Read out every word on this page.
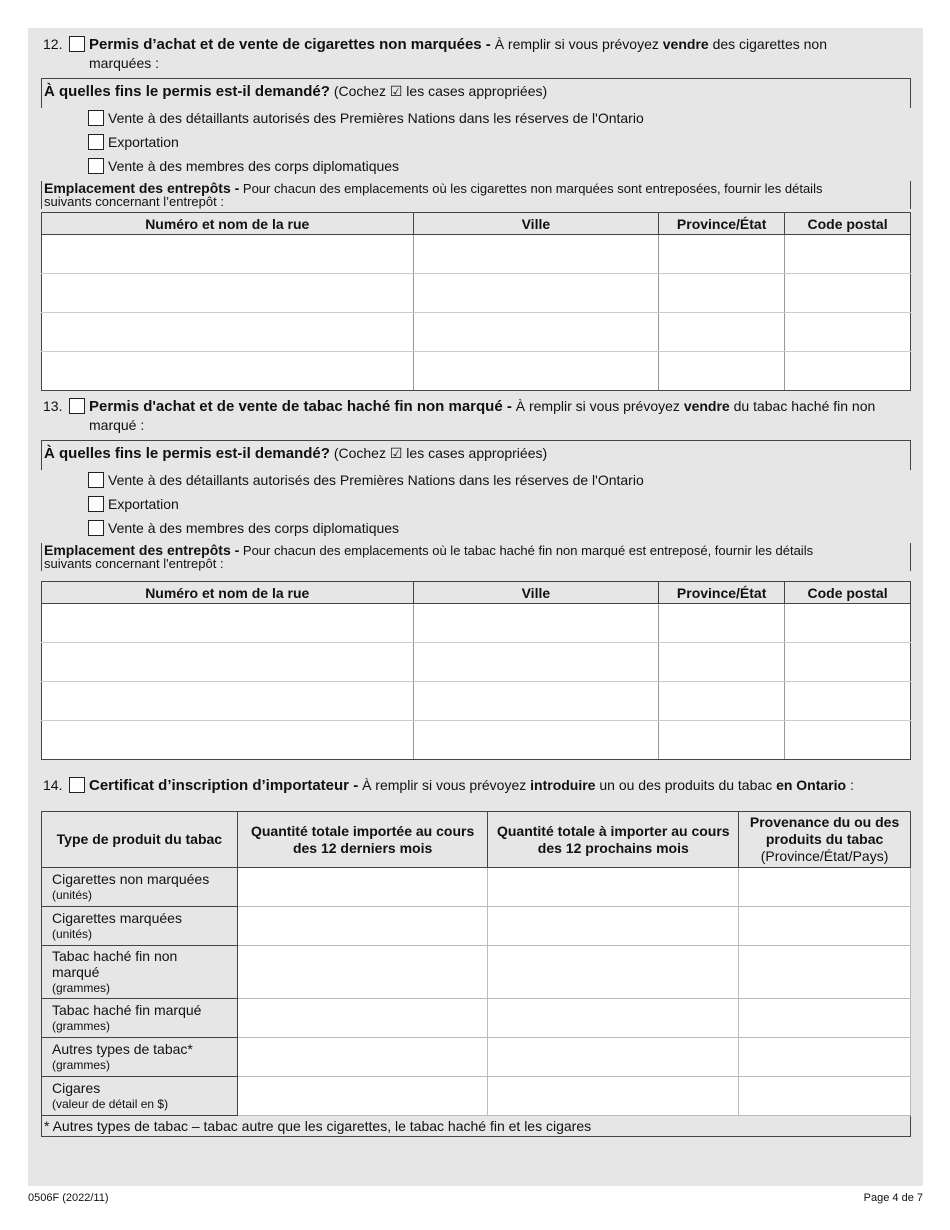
12. Permis d’achat et de vente de cigarettes non marquées - À remplir si vous prévoyez vendre des cigarettes non
marquées :
À quelles fins le permis est-il demandé? (Cochez ☑ les cases appropriées)
Vente à des détaillants autorisés des Premières Nations dans les réserves de l'Ontario
Exportation
Vente à des membres des corps diplomatiques
Emplacement des entrepôts - Pour chacun des emplacements où les cigarettes non marquées sont entreposées, fournir les détails
suivants concernant l’entrepôt :
Numéro et nom de la rue	Ville	Province/État	Code postal

13. Permis d'achat et de vente de tabac haché fin non marqué - À remplir si vous prévoyez vendre du tabac haché fin non
marqué :
À quelles fins le permis est-il demandé? (Cochez ☑ les cases appropriées)
Vente à des détaillants autorisés des Premières Nations dans les réserves de l'Ontario
Exportation
Vente à des membres des corps diplomatiques
Emplacement des entrepôts - Pour chacun des emplacements où le tabac haché fin non marqué est entreposé, fournir les détails
suivants concernant l'entrepôt :
Numéro et nom de la rue	Ville	Province/État	Code postal

14. Certificat d’inscription d’importateur - À remplir si vous prévoyez introduire un ou des produits du tabac en Ontario :
Type de produit du tabac	Quantité totale importée au cours des 12 derniers mois	Quantité totale à importer au cours des 12 prochains mois	Provenance du ou des produits du tabac
(Province/État/Pays)
Cigarettes non marquées
(unités)			

Cigarettes marquées
(unités)			

Tabac haché fin non marqué
(grammes)			

Tabac haché fin marqué
(grammes)			

Autres types de tabac*
(grammes)			

Cigares
(valeur de détail en $)			

* Autres types de tabac – tabac autre que les cigarettes, le tabac haché fin et les cigares			
0506F (2022/11)	Page 4 de 7
